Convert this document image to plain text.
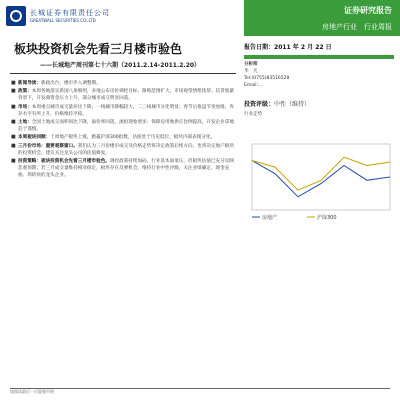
长城证券有限责任公司
GREATWALL SECURITIES CO.,LTD
证券研究报告
房地产行业　行业周报
板块投资机会先看三月楼市验色
——长城地产周刊第七十六期（2011.2.14-2011.2.20）
■ 新闻导读：新政出台，楼市步入调整期。
■ 政策：本周各地落实新国八条细则，多地公布房价调控目标，限购范围扩大，市场观望情绪浓厚；信贷收紧背景下，开发商资金压力上升，部分城市成交明显回落。
■ 市场：本周重点城市成交量环比下降，一线城市降幅较大，二三线城市分化明显；春节后推盘节奏放缓，库存水平有所上升，价格维持平稳。
■ 土地：全国土地成交面积同比下降，溢价率回落，流拍现象增多；保障房用地供应比例提高，开发企业拿地趋于谨慎。
■ 本周板块回顾：上周地产板块上涨，跑赢沪深300指数，估值处于历史低位，板块内部表现分化。
■ 三月份市场：重要观察窗口。我们认为三月份楼市成交及价格走势将决定政策后续方向，也将决定地产板块的投资机会，建议关注龙头公司的估值修复。
■ 投资策略：板块投资机会先看三月楼市验色。调控政策持续加码，行业基本面承压，但板块估值已充分反映悲观预期；若三月成交量维持相对稳定，板块存在反弹机会，维持行业中性评级，关注业绩确定、现金充裕、周转快的龙头企业。
报告日期：2011 年 2 月 22 日
分析师
华　凡
Tel:(0755)83516528
Email:...
投资评级：中性（维持）
行业走势
房地产	沪深300
请阅读最后一页重要声明
